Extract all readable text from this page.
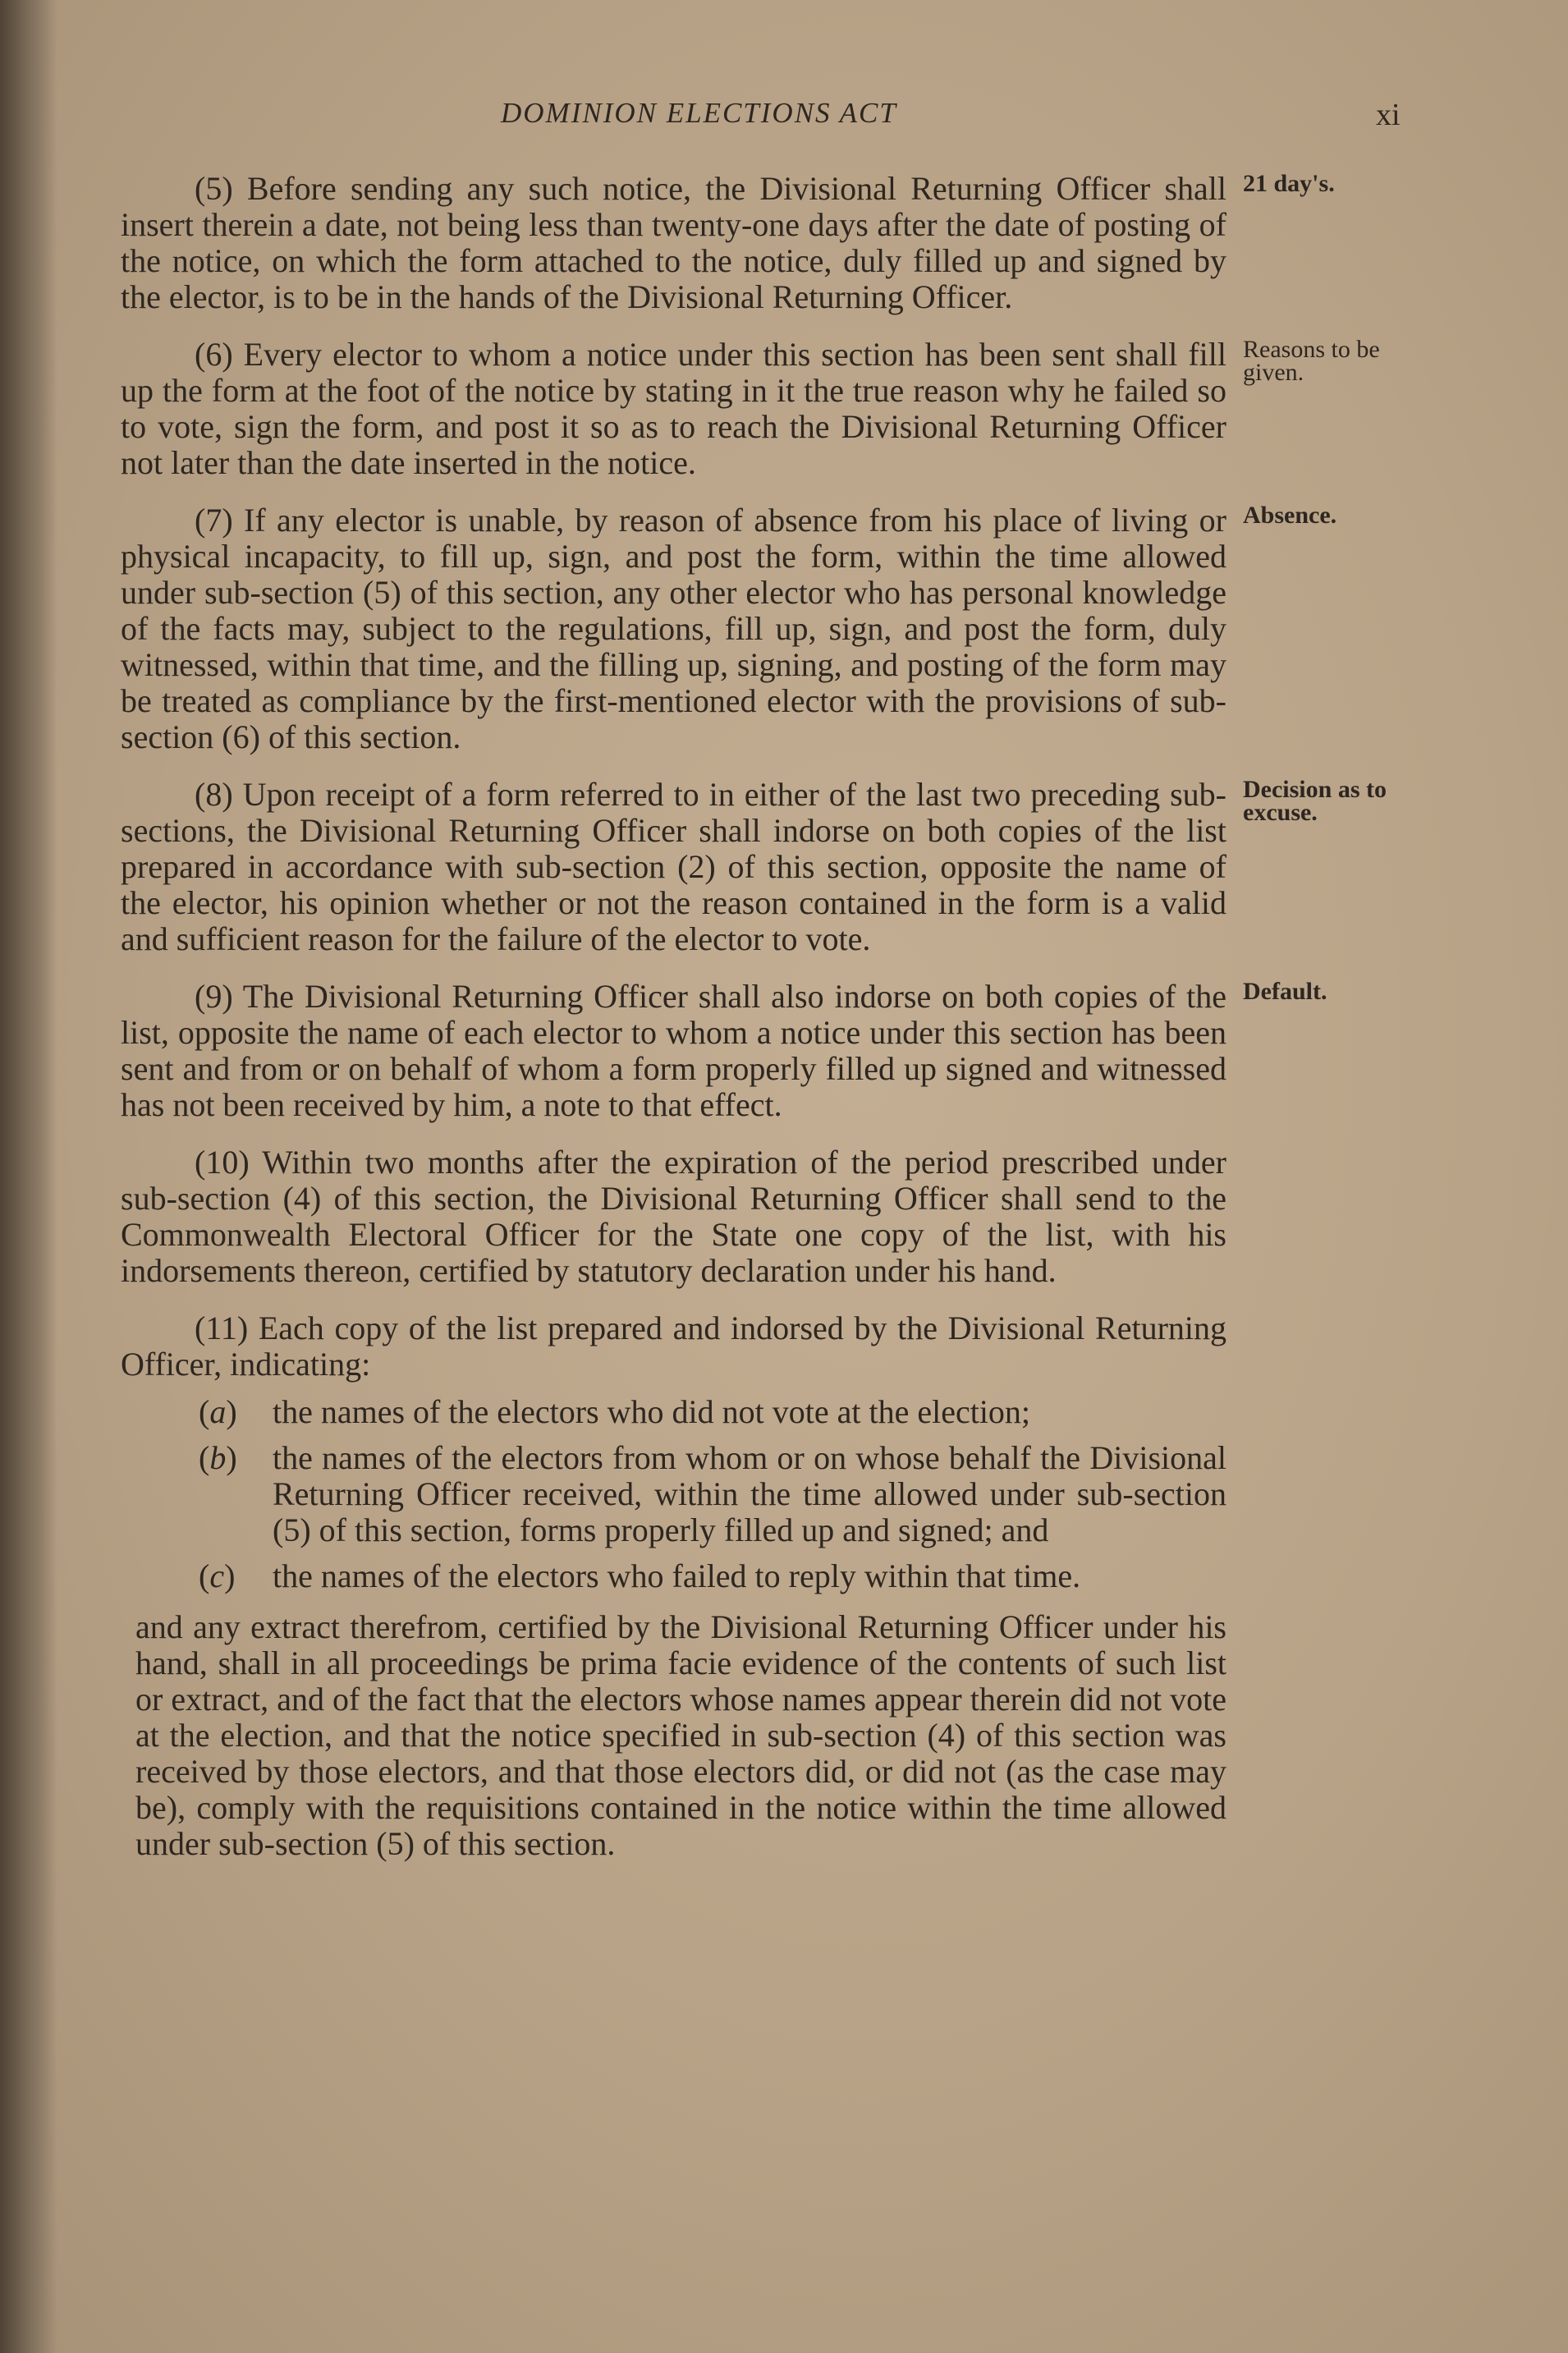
DOMINION ELECTIONS ACT	xi

(5) Before sending any such notice, the Divisional Returning Officer shall insert therein a date, not being less than twenty-one days after the date of posting of the notice, on which the form attached to the notice, duly filled up and signed by the elector, is to be in the hands of the Divisional Returning Officer.
21 day's.

(6) Every elector to whom a notice under this section has been sent shall fill up the form at the foot of the notice by stating in it the true reason why he failed so to vote, sign the form, and post it so as to reach the Divisional Returning Officer not later than the date inserted in the notice.
Reasons to be given.

(7) If any elector is unable, by reason of absence from his place of living or physical incapacity, to fill up, sign, and post the form, within the time allowed under sub-section (5) of this section, any other elector who has personal knowledge of the facts may, subject to the regulations, fill up, sign, and post the form, duly witnessed, within that time, and the filling up, signing, and posting of the form may be treated as compliance by the first-mentioned elector with the provisions of sub-section (6) of this section.
Absence.

(8) Upon receipt of a form referred to in either of the last two preceding sub-sections, the Divisional Returning Officer shall indorse on both copies of the list prepared in accordance with sub-section (2) of this section, opposite the name of the elector, his opinion whether or not the reason contained in the form is a valid and sufficient reason for the failure of the elector to vote.
Decision as to excuse.

(9) The Divisional Returning Officer shall also indorse on both copies of the list, opposite the name of each elector to whom a notice under this section has been sent and from or on behalf of whom a form properly filled up signed and witnessed has not been received by him, a note to that effect.
Default.

(10) Within two months after the expiration of the period prescribed under sub-section (4) of this section, the Divisional Returning Officer shall send to the Commonwealth Electoral Officer for the State one copy of the list, with his indorsements thereon, certified by statutory declaration under his hand.

(11) Each copy of the list prepared and indorsed by the Divisional Returning Officer, indicating:

(a) the names of the electors who did not vote at the election;
(b) the names of the electors from whom or on whose behalf the Divisional Returning Officer received, within the time allowed under sub-section (5) of this section, forms properly filled up and signed; and
(c) the names of the electors who failed to reply within that time.

and any extract therefrom, certified by the Divisional Returning Officer under his hand, shall in all proceedings be prima facie evidence of the contents of such list or extract, and of the fact that the electors whose names appear therein did not vote at the election, and that the notice specified in sub-section (4) of this section was received by those electors, and that those electors did, or did not (as the case may be), comply with the requisitions contained in the notice within the time allowed under sub-section (5) of this section.
